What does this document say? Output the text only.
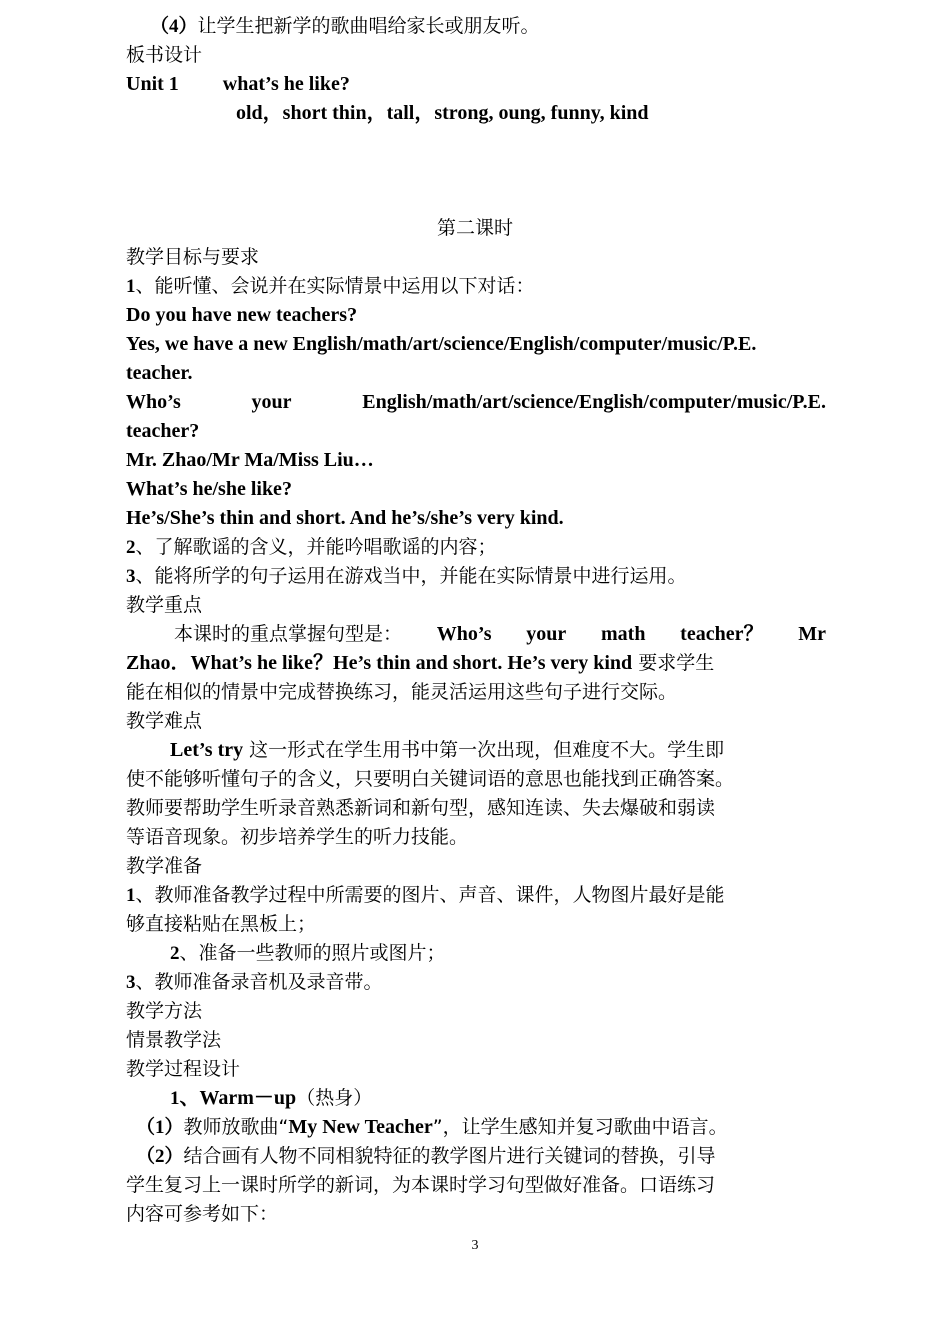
（4）让学生把新学的歌曲唱给家长或朋友听。
板书设计
Unit 1 what’s he like?
old，short thin，tall，strong, oung, funny, kind
第二课时
教学目标与要求
1、能听懂、会说并在实际情景中运用以下对话：
Do you have new teachers?
Yes, we have a new English/math/art/science/English/computer/music/P.E.
teacher.
Who’s	your	English/math/art/science/English/computer/music/P.E.
teacher?
Mr. Zhao/Mr Ma/Miss Liu…
What’s he/she like?
He’s/She’s thin and short. And he’s/she’s very kind.
2、了解歌谣的含义，并能吟唱歌谣的内容；
3、能将所学的句子运用在游戏当中，并能在实际情景中进行运用。
教学重点
本课时的重点掌握句型是： Who’s your math teacher？ Mr
Zhao．What’s he like？He’s thin and short. He’s very kind 要求学生
能在相似的情景中完成替换练习，能灵活运用这些句子进行交际。
教学难点
Let’s try 这一形式在学生用书中第一次出现，但难度不大。学生即
使不能够听懂句子的含义，只要明白关键词语的意思也能找到正确答案。
教师要帮助学生听录音熟悉新词和新句型，感知连读、失去爆破和弱读
等语音现象。初步培养学生的听力技能。
教学准备
1、教师准备教学过程中所需要的图片、声音、课件，人物图片最好是能
够直接粘贴在黑板上；
2、准备一些教师的照片或图片；
3、教师准备录音机及录音带。
教学方法
情景教学法
教学过程设计
1、Warm－up（热身）
（1）教师放歌曲“My New Teacher”，让学生感知并复习歌曲中语言。
（2）结合画有人物不同相貌特征的教学图片进行关键词的替换，引导
学生复习上一课时所学的新词，为本课时学习句型做好准备。口语练习
内容可参考如下：
3
